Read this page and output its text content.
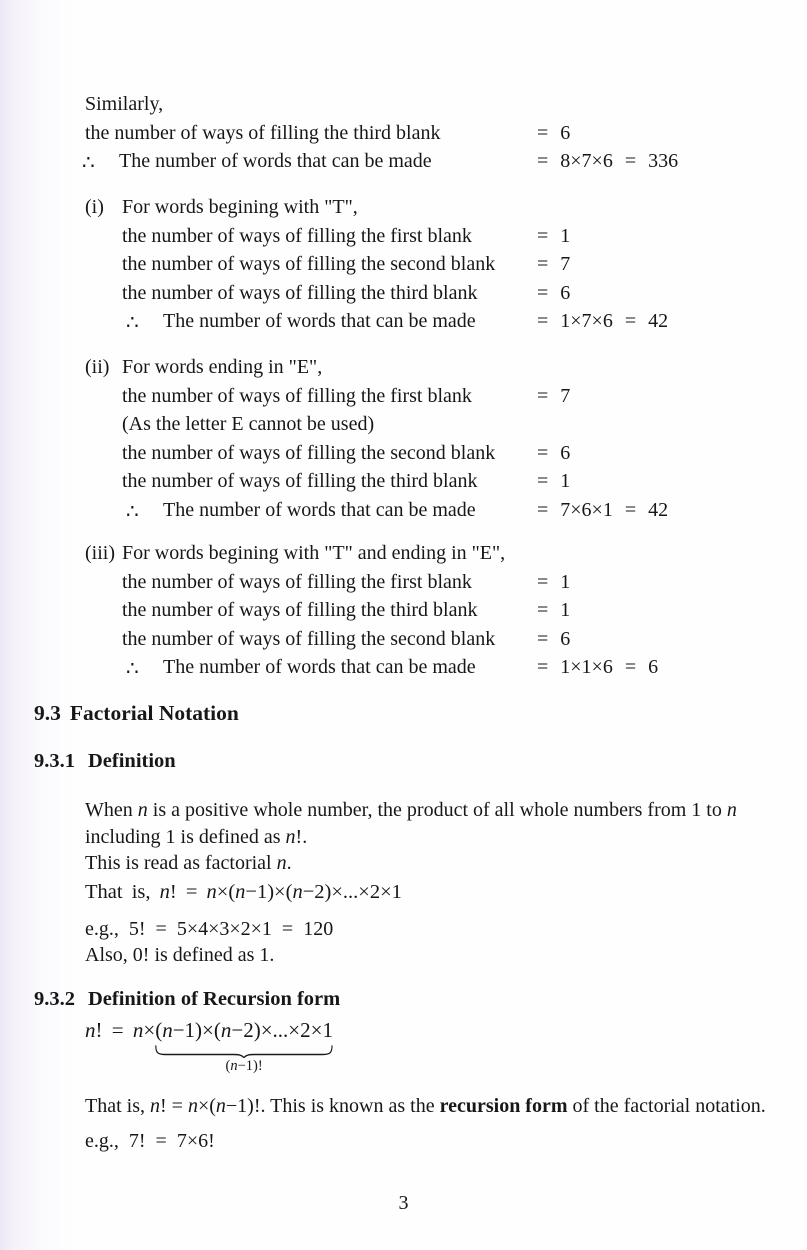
Similarly,
the number of ways of filling the third blank	= 6
∴ The number of words that can be made	= 8×7×6 = 336
(i) For words begining with "T",
the number of ways of filling the first blank	= 1
the number of ways of filling the second blank = 7
the number of ways of filling the third blank	= 6
∴ The number of words that can be made	= 1×7×6 = 42
(ii) For words ending in "E",
the number of ways of filling the first blank	= 7
(As the letter E cannot be used)
the number of ways of filling the second blank = 6
the number of ways of filling the third blank	= 1
∴ The number of words that can be made	= 7×6×1 = 42
(iii) For words begining with "T" and ending in "E",
the number of ways of filling the first blank	= 1
the number of ways of filling the third blank	= 1
the number of ways of filling the second blank = 6
∴ The number of words that can be made	= 1×1×6 = 6
9.3 Factorial Notation
9.3.1 Definition
When n is a positive whole number, the product of all whole numbers from 1 to n
including 1 is defined as n!.
This is read as factorial n.
That is, n! = n×(n−1)×(n−2)×...×2×1
e.g., 5! = 5×4×3×2×1 = 120
Also, 0! is defined as 1.
9.3.2 Definition of Recursion form
n! = n×(n−1)×(n−2)×...×2×1
(n−1)!
That is, n! = n×(n−1)!. This is known as the recursion form of the factorial notation.
e.g., 7! = 7×6!
3
